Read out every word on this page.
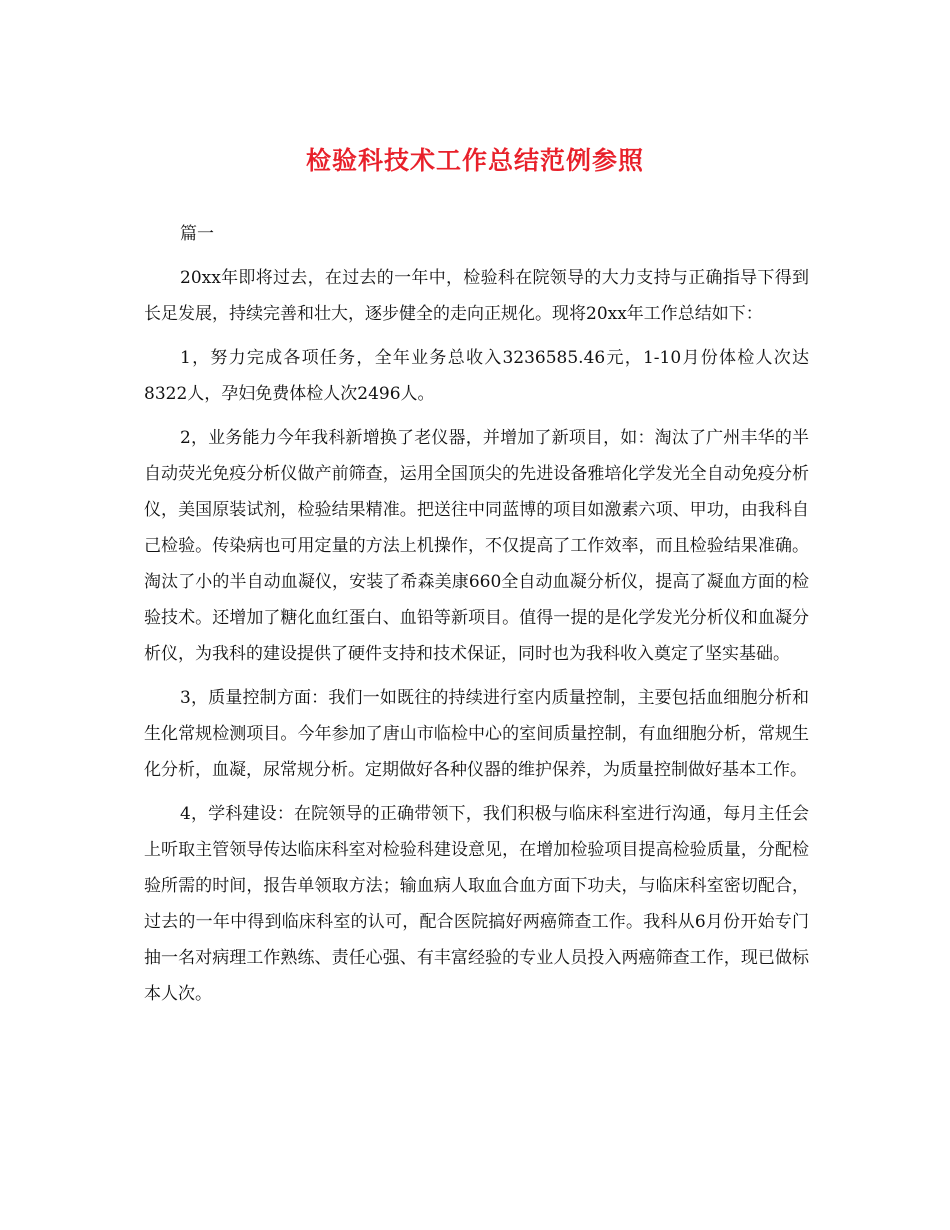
检验科技术工作总结范例参照

篇一

20xx年即将过去，在过去的一年中，检验科在院领导的大力支持与正确指导下得到长足发展，持续完善和壮大，逐步健全的走向正规化。现将20xx年工作总结如下：

1，努力完成各项任务，全年业务总收入3236585.46元，1-10月份体检人次达8322人，孕妇免费体检人次2496人。

2，业务能力今年我科新增换了老仪器，并增加了新项目，如：淘汰了广州丰华的半自动荧光免疫分析仪做产前筛查，运用全国顶尖的先进设备雅培化学发光全自动免疫分析仪，美国原装试剂，检验结果精准。把送往中同蓝博的项目如激素六项、甲功，由我科自己检验。传染病也可用定量的方法上机操作，不仅提高了工作效率，而且检验结果准确。淘汰了小的半自动血凝仪，安装了希森美康660全自动血凝分析仪，提高了凝血方面的检验技术。还增加了糖化血红蛋白、血铅等新项目。值得一提的是化学发光分析仪和血凝分析仪，为我科的建设提供了硬件支持和技术保证，同时也为我科收入奠定了坚实基础。

3，质量控制方面：我们一如既往的持续进行室内质量控制，主要包括血细胞分析和生化常规检测项目。今年参加了唐山市临检中心的室间质量控制，有血细胞分析，常规生化分析，血凝，尿常规分析。定期做好各种仪器的维护保养，为质量控制做好基本工作。

4，学科建设：在院领导的正确带领下，我们积极与临床科室进行沟通，每月主任会上听取主管领导传达临床科室对检验科建设意见，在增加检验项目提高检验质量，分配检验所需的时间，报告单领取方法；输血病人取血合血方面下功夫，与临床科室密切配合，过去的一年中得到临床科室的认可，配合医院搞好两癌筛查工作。我科从6月份开始专门抽一名对病理工作熟练、责任心强、有丰富经验的专业人员投入两癌筛查工作，现已做标本人次。
